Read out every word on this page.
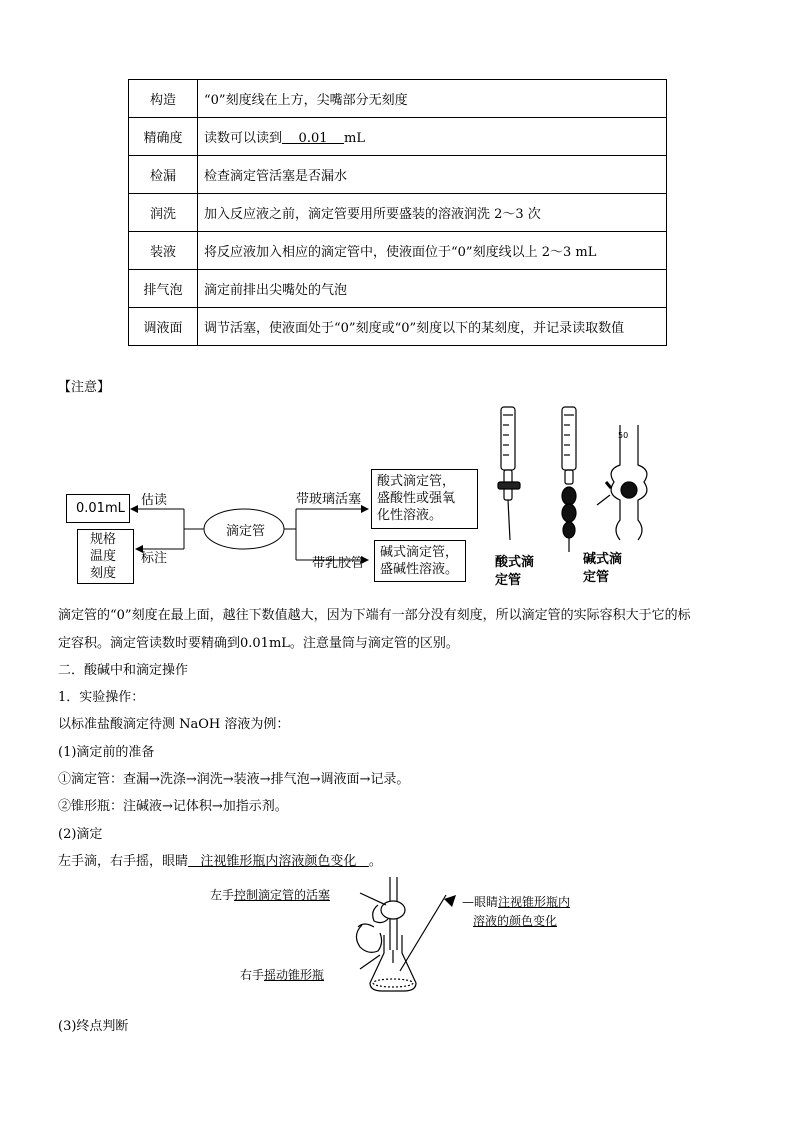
构造	“0”刻度线在上方，尖嘴部分无刻度
精确度	读数可以读到    0.01    mL
检漏	检查滴定管活塞是否漏水
润洗	加入反应液之前，滴定管要用所要盛装的溶液润洗 2～3 次
装液	将反应液加入相应的滴定管中，使液面位于“0”刻度线以上 2～3 mL
排气泡	滴定前排出尖嘴处的气泡
调液面	调节活塞，使液面处于“0”刻度或“0”刻度以下的某刻度，并记录读取数值
【注意】
50
0.01mL
估读
规格
温度
刻度
标注
滴定管
带玻璃活塞
带乳胶管
酸式滴定管，
盛酸性或强氧
化性溶液。
碱式滴定管，
盛碱性溶液。	酸式滴
定管
碱式滴
定管
滴定管的“0”刻度在最上面，越往下数值越大，因为下端有一部分没有刻度，所以滴定管的实际容积大于它的标
定容积。滴定管读数时要精确到0.01mL。注意量筒与滴定管的区别。
二．酸碱中和滴定操作
1．实验操作：
以标准盐酸滴定待测 NaOH 溶液为例：
(1)滴定前的准备
①滴定管：查漏→洗涤→润洗→装液→排气泡→调液面→记录。
②锥形瓶：注碱液→记体积→加指示剂。
(2)滴定
左手滴，右手摇，眼睛   注视锥形瓶内溶液颜色变化   。
左手控制滴定管的活塞
右手摇动锥形瓶
—眼睛注视锥形瓶内
溶液的颜色变化
(3)终点判断
